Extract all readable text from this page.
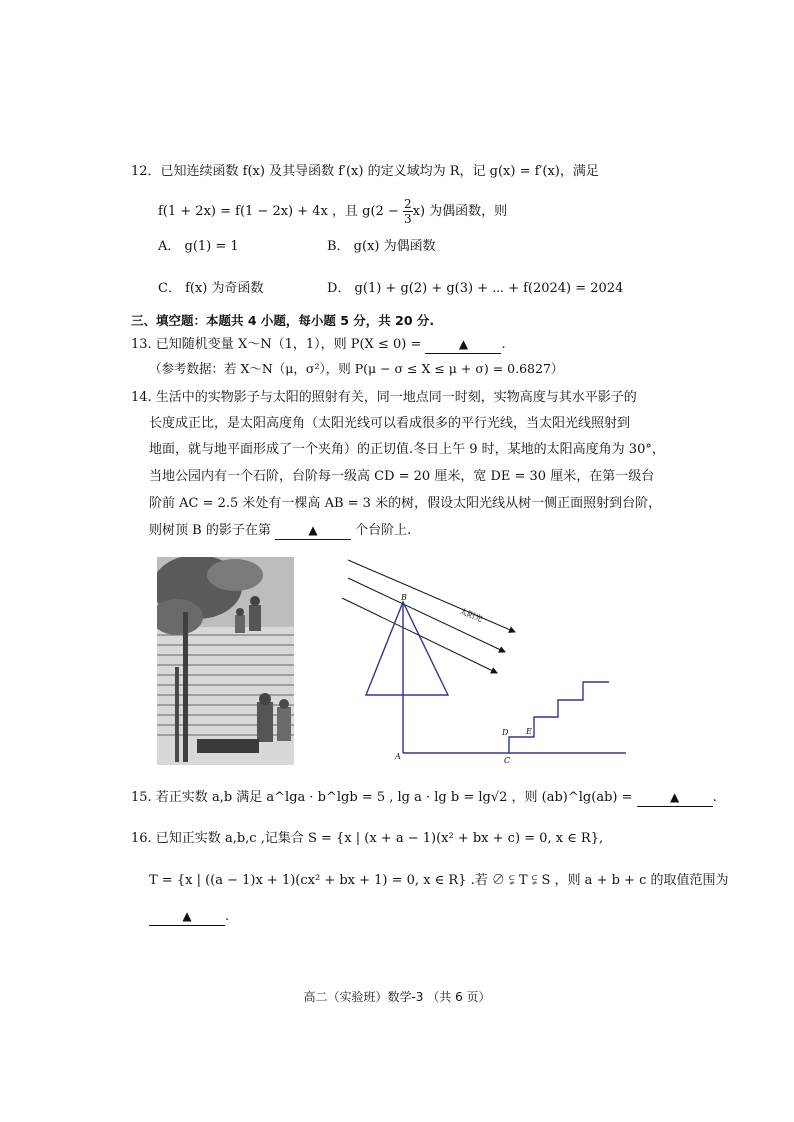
12．已知连续函数 f(x) 及其导函数 f′(x) 的定义域均为 R，记 g(x) = f′(x)，满足
f(1 + 2x) = f(1 − 2x) + 4x ，且 $g(2 - \frac{2}{3} x)$ 为偶函数，则
A． g(1) = 1	B． g(x) 为偶函数
C． f(x) 为奇函数	D． g(1) + g(2) + g(3) + ⋯ + f(2024) = 2024
三、填空题：本题共 4 小题，每小题 5 分，共 20 分.
13. 已知随机变量 X～N（1，1），则 P(X ≤ 0) =	▲	.
（参考数据：若 X～N（μ，σ²），则 P(μ − σ ≤ X ≤ μ + σ) = 0.6827）
14. 生活中的实物影子与太阳的照射有关，同一地点同一时刻，实物高度与其水平影子的
长度成正比，是太阳高度角（太阳光线可以看成很多的平行光线，当太阳光线照射到
地面，就与地平面形成了一个夹角）的正切值.冬日上午 9 时，某地的太阳高度角为 30°，
当地公园内有一个石阶，台阶每一级高 CD = 20 厘米，宽 DE = 30 厘米，在第一级台
阶前 AC = 2.5 米处有一棵高 AB = 3 米的树，假设太阳光线从树一侧正面照射到台阶，
则树顶 B 的影子在第	▲	个台阶上.
太阳光
B
A	C
D E
15. 若正实数 a,b 满足 a^lga · b^lgb = 5 , lg a · lg b = lg√2 ，则 (ab)^lg(ab) =	▲	.
16. 已知正实数 a,b,c ,记集合 S = {x | (x + a − 1)(x² + bx + c) = 0, x ∈ R},
T = {x | ((a − 1)x + 1)(cx² + bx + 1) = 0, x ∈ R} .若 ∅ ⫋ T ⫋ S ，则 a + b + c 的取值范围为
▲	.
高二（实验班）数学-3 （共 6 页）
